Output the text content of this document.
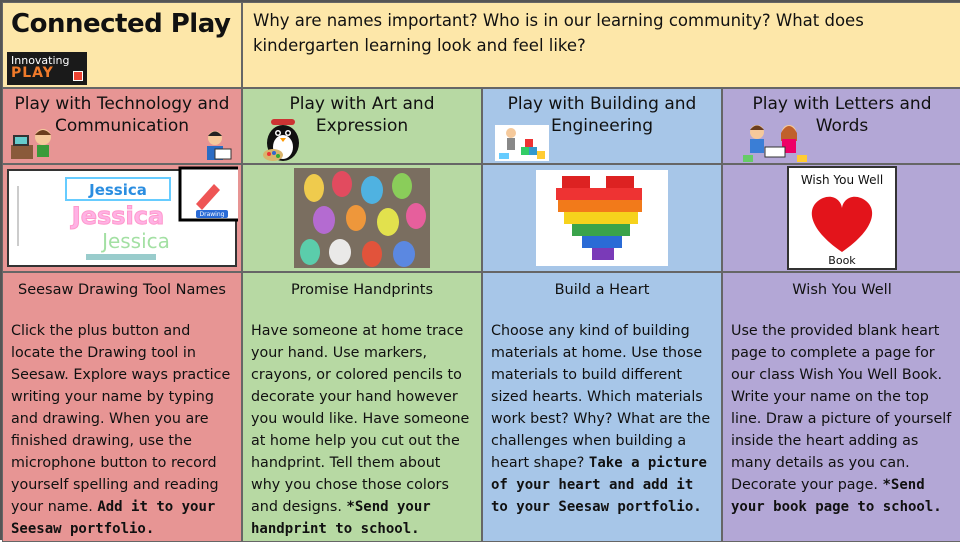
Connected Play
Innovating
PLAY
Why are names important? Who is in our learning community? What does kindergarten learning look and feel like?
Play with Technology and Communication
Play with Art and Expression
Play with Building and Engineering
Play with Letters and Words
Jessica
Jessica
Jessica
Drawing
Wish You Well
Book
Seesaw Drawing Tool Names
Click the plus button and locate the Drawing tool in Seesaw. Explore ways practice writing your name by typing and drawing. When you are finished drawing, use the microphone button to record yourself spelling and reading your name. Add it to your Seesaw portfolio.
Promise Handprints
Have someone at home trace your hand. Use markers, crayons, or colored pencils to decorate your hand however you would like. Have someone at home help you cut out the handprint. Tell them about why you chose those colors and designs. *Send your handprint to school.
Build a Heart
Choose any kind of building materials at home. Use those materials to build different sized hearts. Which materials work best? Why? What are the challenges when building a heart shape? Take a picture of your heart and add it to your Seesaw portfolio.
Wish You Well
Use the provided blank heart page to complete a page for our class Wish You Well Book. Write your name on the top line. Draw a picture of yourself inside the heart adding as many details as you can. Decorate your page. *Send your book page to school.
